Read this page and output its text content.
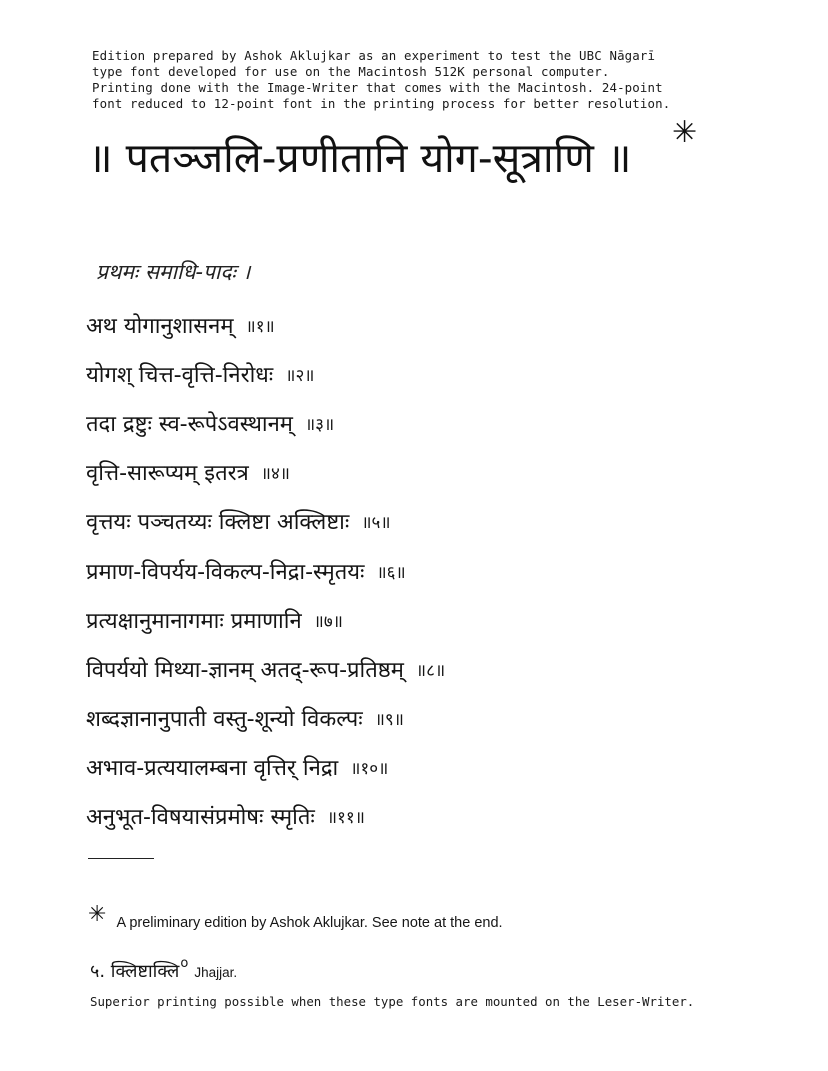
Edition prepared by Ashok Aklujkar as an experiment to test the UBC Nāgarī
type font developed for use on the Macintosh 512K personal computer.
Printing done with the Image-Writer that comes with the Macintosh. 24-point
font reduced to 12-point font in the printing process for better resolution.
॥ पतञ्जलि-प्रणीतानि योग-सूत्राणि ॥
✳
प्रथमः समाधि-पादः ।
अथ योगानुशासनम् ॥१॥
योगश् चित्त-वृत्ति-निरोधः ॥२॥
तदा द्रष्टुः स्व-रूपेऽवस्थानम् ॥३॥
वृत्ति-सारूप्यम् इतरत्र ॥४॥
वृत्तयः पञ्चतय्यः क्लिष्टा अक्लिष्टाः ॥५॥
प्रमाण-विपर्यय-विकल्प-निद्रा-स्मृतयः ॥६॥
प्रत्यक्षानुमानागमाः प्रमाणानि ॥७॥
विपर्ययो मिथ्या-ज्ञानम् अतद्-रूप-प्रतिष्ठम् ॥८॥
शब्दज्ञानानुपाती वस्तु-शून्यो विकल्पः ॥९॥
अभाव-प्रत्ययालम्बना वृत्तिर् निद्रा ॥१०॥
अनुभूत-विषयासंप्रमोषः स्मृतिः ॥११॥
✳ A preliminary edition by Ashok Aklujkar. See note at the end.
५. क्लिष्टाक्लि o
Jhajjar.
Superior printing possible when these type fonts are mounted on the Leser-Writer.
